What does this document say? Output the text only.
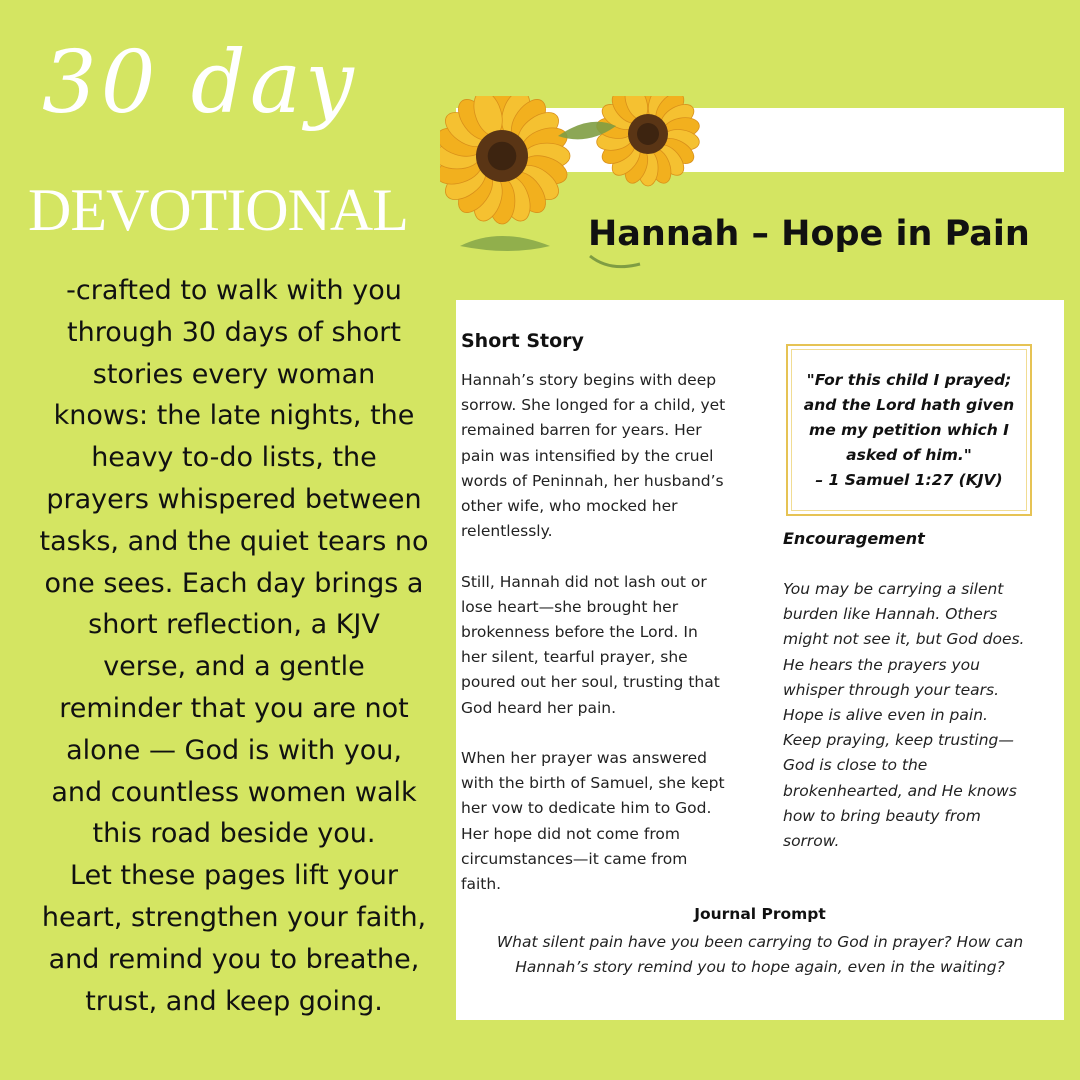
30 day
DEVOTIONAL
-crafted to walk with you
through 30 days of short
stories every woman
knows: the late nights, the
heavy to-do lists, the
prayers whispered between
tasks, and the quiet tears no
one sees. Each day brings a
short reflection, a KJV
verse, and a gentle
reminder that you are not
alone — God is with you,
and countless women walk
this road beside you.
Let these pages lift your
heart, strengthen your faith,
and remind you to breathe,
trust, and keep going.
Hannah – Hope in Pain
Short Story

Hannah’s story begins with deep
sorrow. She longed for a child, yet
remained barren for years. Her
pain was intensified by the cruel
words of Peninnah, her husband’s
other wife, who mocked her
relentlessly.

Still, Hannah did not lash out or
lose heart—she brought her
brokenness before the Lord. In
her silent, tearful prayer, she
poured out her soul, trusting that
God heard her pain.

When her prayer was answered
with the birth of Samuel, she kept
her vow to dedicate him to God.
Her hope did not come from
circumstances—it came from
faith.

"For this child I prayed;
and the Lord hath given
me my petition which I
asked of him."
– 1 Samuel 1:27 (KJV)
Encouragement
You may be carrying a silent
burden like Hannah. Others
might not see it, but God does.
He hears the prayers you
whisper through your tears.
Hope is alive even in pain.
Keep praying, keep trusting—
God is close to the
brokenhearted, and He knows
how to bring beauty from
sorrow.
Journal Prompt
What silent pain have you been carrying to God in prayer? How can
Hannah’s story remind you to hope again, even in the waiting?
